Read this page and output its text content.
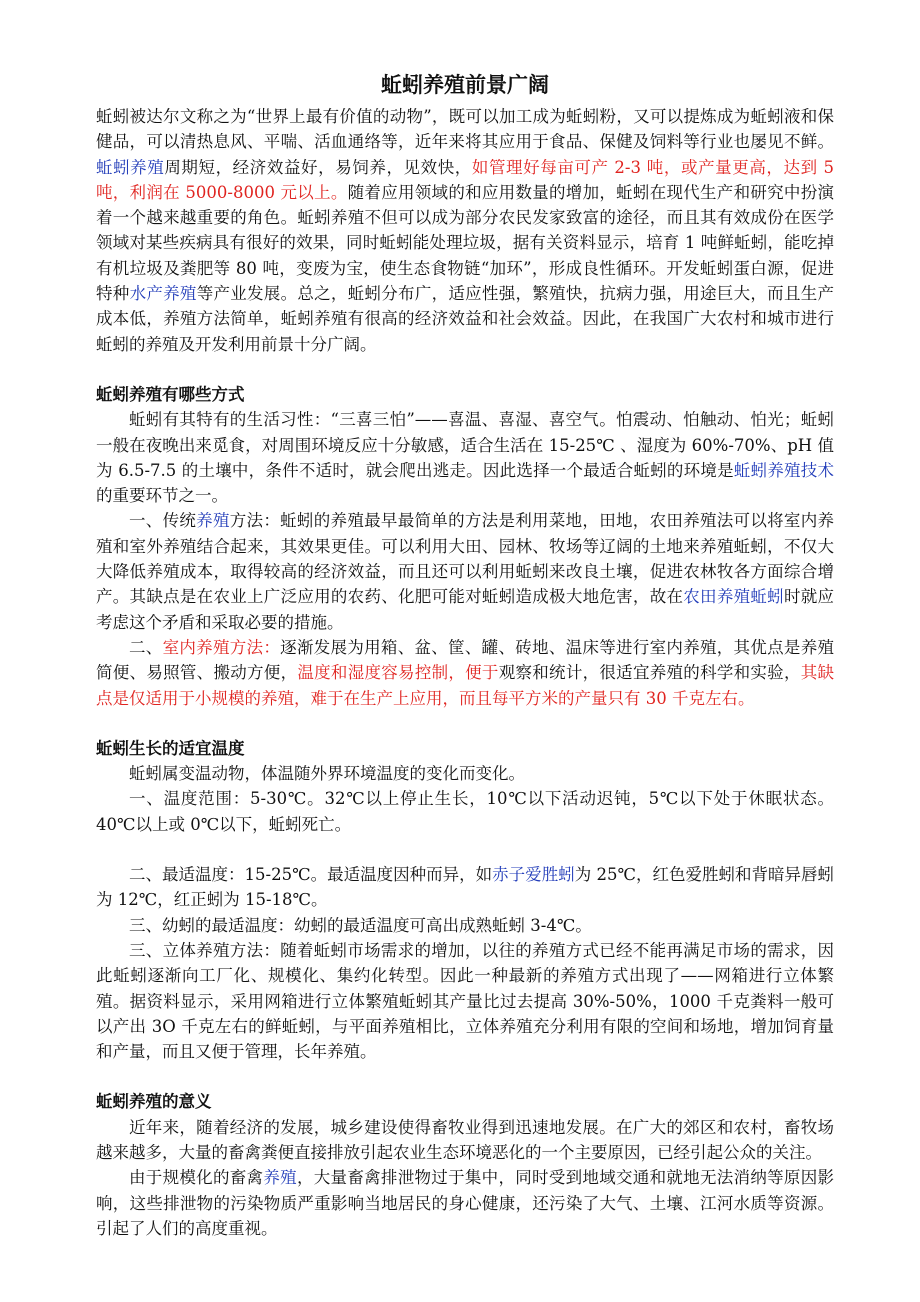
蚯蚓养殖前景广阔

蚯蚓被达尔文称之为“世界上最有价值的动物”，既可以加工成为蚯蚓粉，又可以提炼成为蚯蚓液和保健品，可以清热息风、平喘、活血通络等，近年来将其应用于食品、保健及饲料等行业也屡见不鲜。蚯蚓养殖周期短，经济效益好，易饲养，见效快，如管理好每亩可产 2-3 吨，或产量更高，达到 5 吨，利润在 5000-8000 元以上。随着应用领域的和应用数量的增加，蚯蚓在现代生产和研究中扮演着一个越来越重要的角色。蚯蚓养殖不但可以成为部分农民发家致富的途径，而且其有效成份在医学领域对某些疾病具有很好的效果，同时蚯蚓能处理垃圾，据有关资料显示，培育 1 吨鲜蚯蚓，能吃掉有机垃圾及粪肥等 80 吨，变废为宝，使生态食物链“加环”，形成良性循环。开发蚯蚓蛋白源，促进特种水产养殖等产业发展。总之，蚯蚓分布广，适应性强，繁殖快，抗病力强，用途巨大，而且生产成本低，养殖方法简单，蚯蚓养殖有很高的经济效益和社会效益。因此，在我国广大农村和城市进行蚯蚓的养殖及开发利用前景十分广阔。

蚯蚓养殖有哪些方式

蚯蚓有其特有的生活习性：“三喜三怕”——喜温、喜湿、喜空气。怕震动、怕触动、怕光；蚯蚓一般在夜晚出来觅食，对周围环境反应十分敏感，适合生活在 15-25℃ 、湿度为 60%-70%、pH 值为 6.5-7.5 的土壤中，条件不适时，就会爬出逃走。因此选择一个最适合蚯蚓的环境是蚯蚓养殖技术的重要环节之一。

一、传统养殖方法：蚯蚓的养殖最早最简单的方法是利用菜地，田地，农田养殖法可以将室内养殖和室外养殖结合起来，其效果更佳。可以利用大田、园林、牧场等辽阔的土地来养殖蚯蚓，不仅大大降低养殖成本，取得较高的经济效益，而且还可以利用蚯蚓来改良土壤，促进农林牧各方面综合增产。其缺点是在农业上广泛应用的农药、化肥可能对蚯蚓造成极大地危害，故在农田养殖蚯蚓时就应考虑这个矛盾和采取必要的措施。

二、室内养殖方法：逐渐发展为用箱、盆、筐、罐、砖地、温床等进行室内养殖，其优点是养殖简便、易照管、搬动方便，温度和湿度容易控制，便于观察和统计，很适宜养殖的科学和实验，其缺点是仅适用于小规模的养殖，难于在生产上应用，而且每平方米的产量只有 30 千克左右。

蚯蚓生长的适宜温度

蚯蚓属变温动物，体温随外界环境温度的变化而变化。

一、温度范围：5-30℃。32℃以上停止生长，10℃以下活动迟钝，5℃以下处于休眠状态。40℃以上或 0℃以下，蚯蚓死亡。

二、最适温度：15-25℃。最适温度因种而异，如赤子爱胜蚓为 25℃，红色爱胜蚓和背暗异唇蚓为 12℃，红正蚓为 15-18℃。

三、幼蚓的最适温度：幼蚓的最适温度可高出成熟蚯蚓 3-4℃。

三、立体养殖方法：随着蚯蚓市场需求的增加，以往的养殖方式已经不能再满足市场的需求，因此蚯蚓逐渐向工厂化、规模化、集约化转型。因此一种最新的养殖方式出现了——网箱进行立体繁殖。据资料显示，采用网箱进行立体繁殖蚯蚓其产量比过去提高 30%-50%，1000 千克粪料一般可以产出 3O 千克左右的鲜蚯蚓，与平面养殖相比，立体养殖充分利用有限的空间和场地，增加饲育量和产量，而且又便于管理，长年养殖。

蚯蚓养殖的意义

近年来，随着经济的发展，城乡建设使得畜牧业得到迅速地发展。在广大的郊区和农村，畜牧场越来越多，大量的畜禽粪便直接排放引起农业生态环境恶化的一个主要原因，已经引起公众的关注。

由于规模化的畜禽养殖，大量畜禽排泄物过于集中，同时受到地域交通和就地无法消纳等原因影响，这些排泄物的污染物质严重影响当地居民的身心健康，还污染了大气、土壤、江河水质等资源。引起了人们的高度重视。
